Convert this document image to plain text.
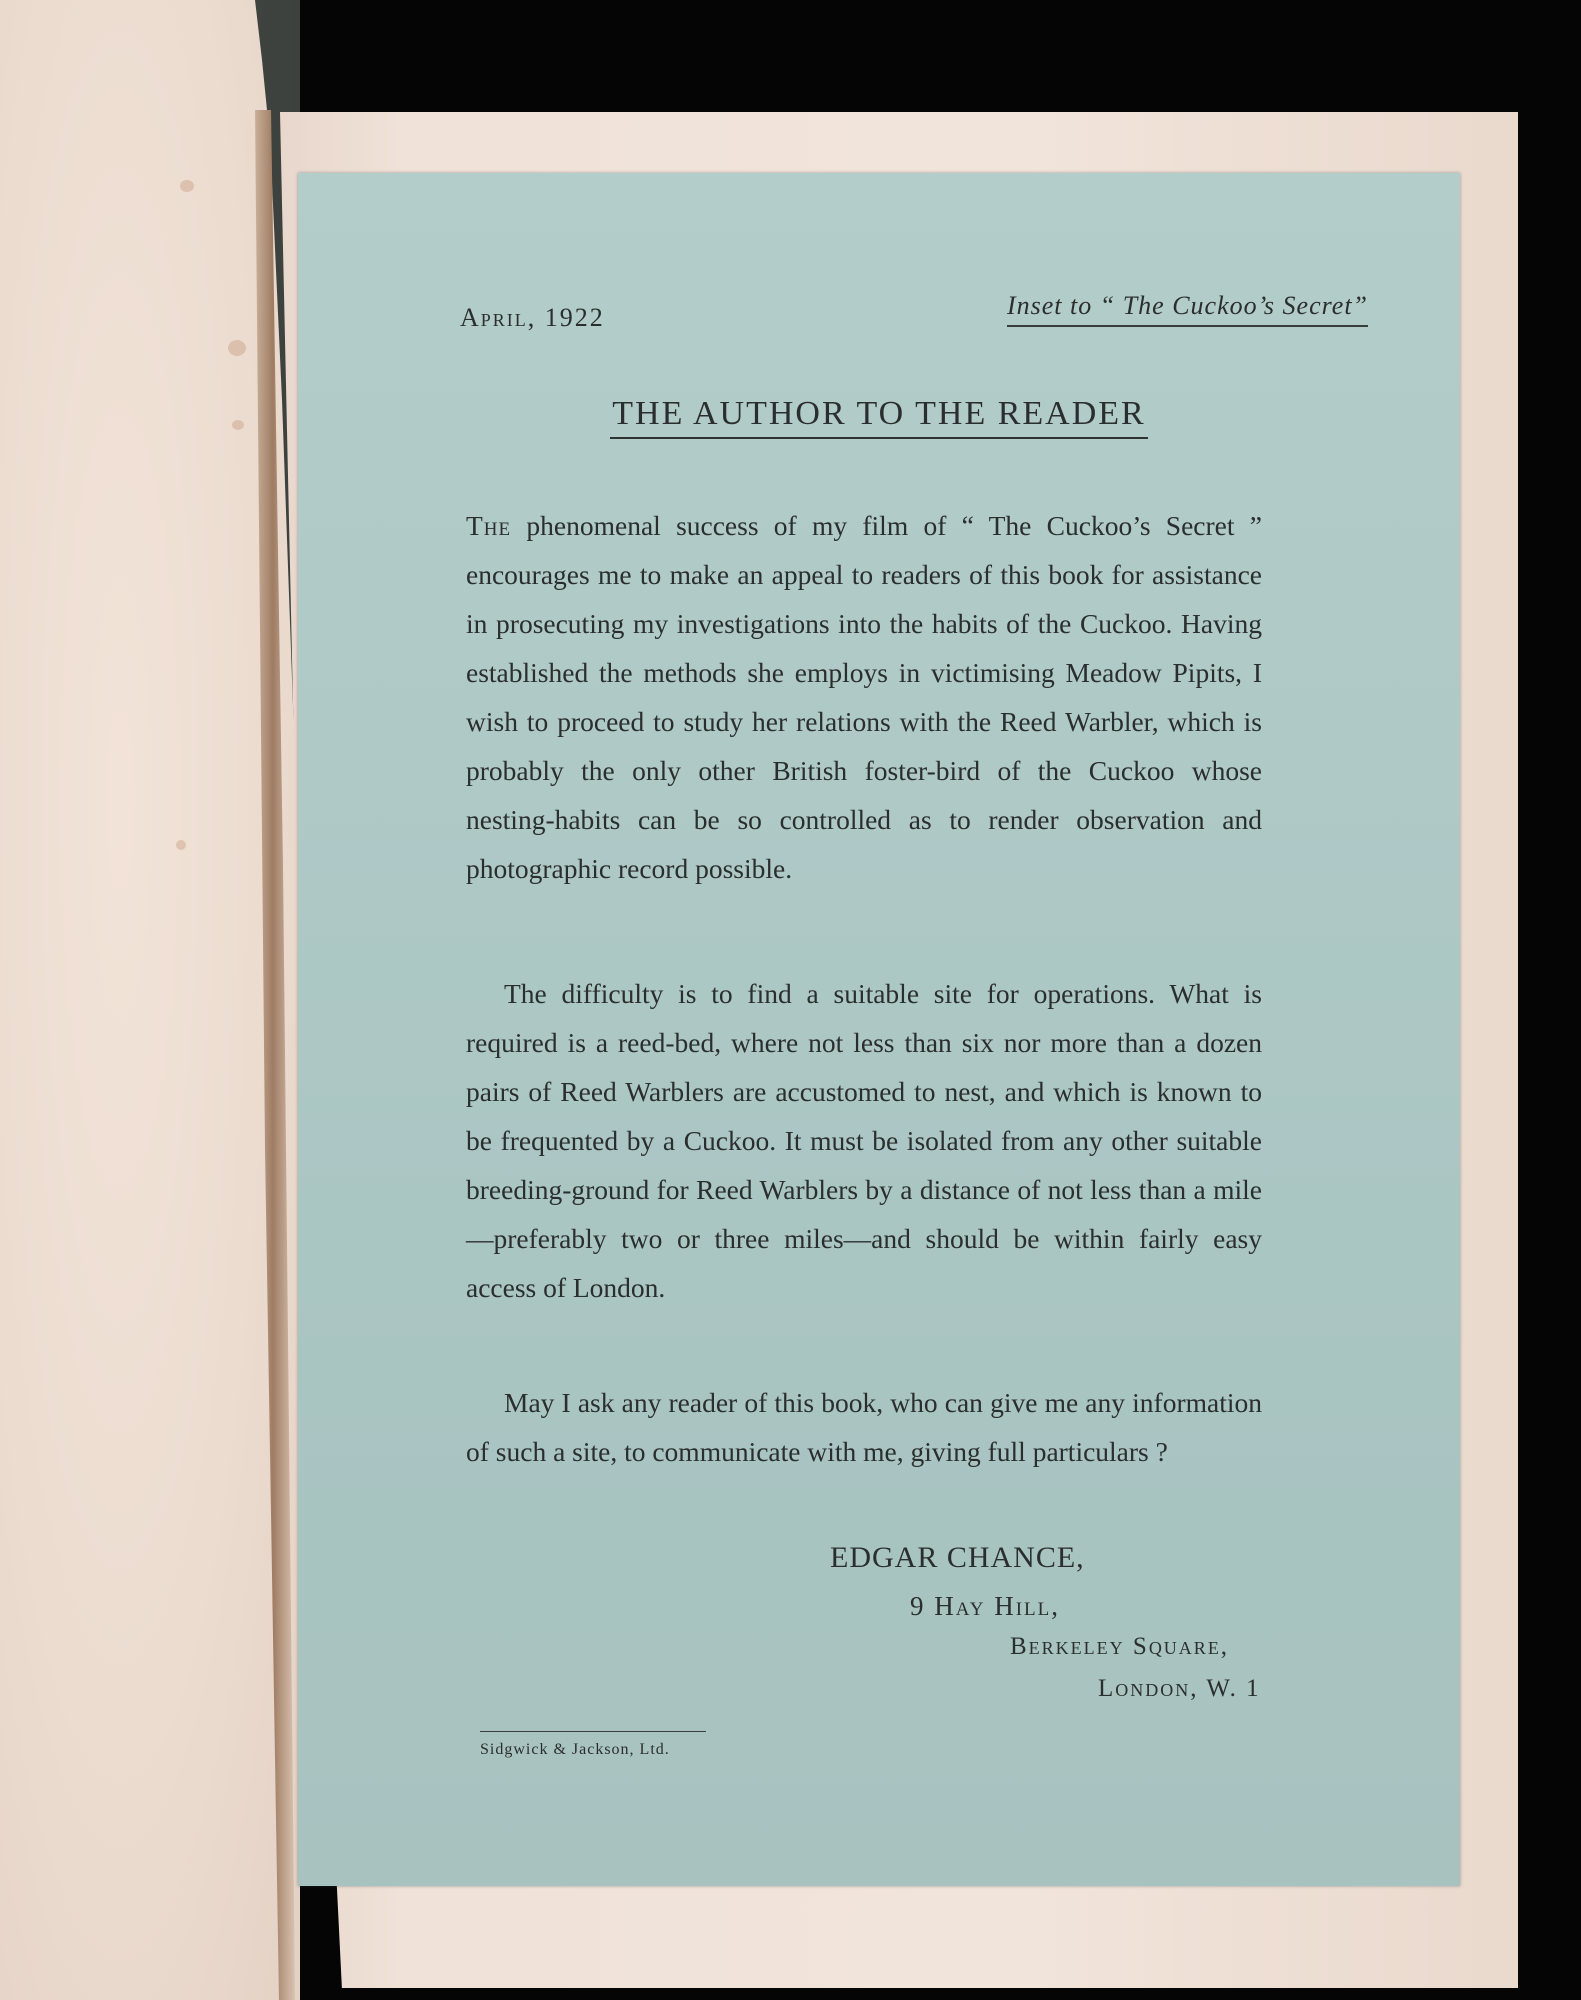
April, 1922	Inset to “ The Cuckoo’s Secret”
THE AUTHOR TO THE READER

The phenomenal success of my film of “ The Cuckoo’s Secret ” encourages me to make an appeal to readers of this book for assistance in prosecuting my investigations into the habits of the Cuckoo. Having established the methods she employs in victimising Meadow Pipits, I wish to proceed to study her relations with the Reed Warbler, which is probably the only other British foster-bird of the Cuckoo whose nesting-habits can be so controlled as to render observation and photographic record possible.

The difficulty is to find a suitable site for operations. What is required is a reed-bed, where not less than six nor more than a dozen pairs of Reed Warblers are accustomed to nest, and which is known to be frequented by a Cuckoo. It must be isolated from any other suitable breeding-ground for Reed Warblers by a distance of not less than a mile—preferably two or three miles—and should be within fairly easy access of London.

May I ask any reader of this book, who can give me any information of such a site, to communicate with me, giving full particulars ?

EDGAR CHANCE,
9 Hay Hill,
Berkeley Square,
London, W. 1
Sidgwick & Jackson, Ltd.
